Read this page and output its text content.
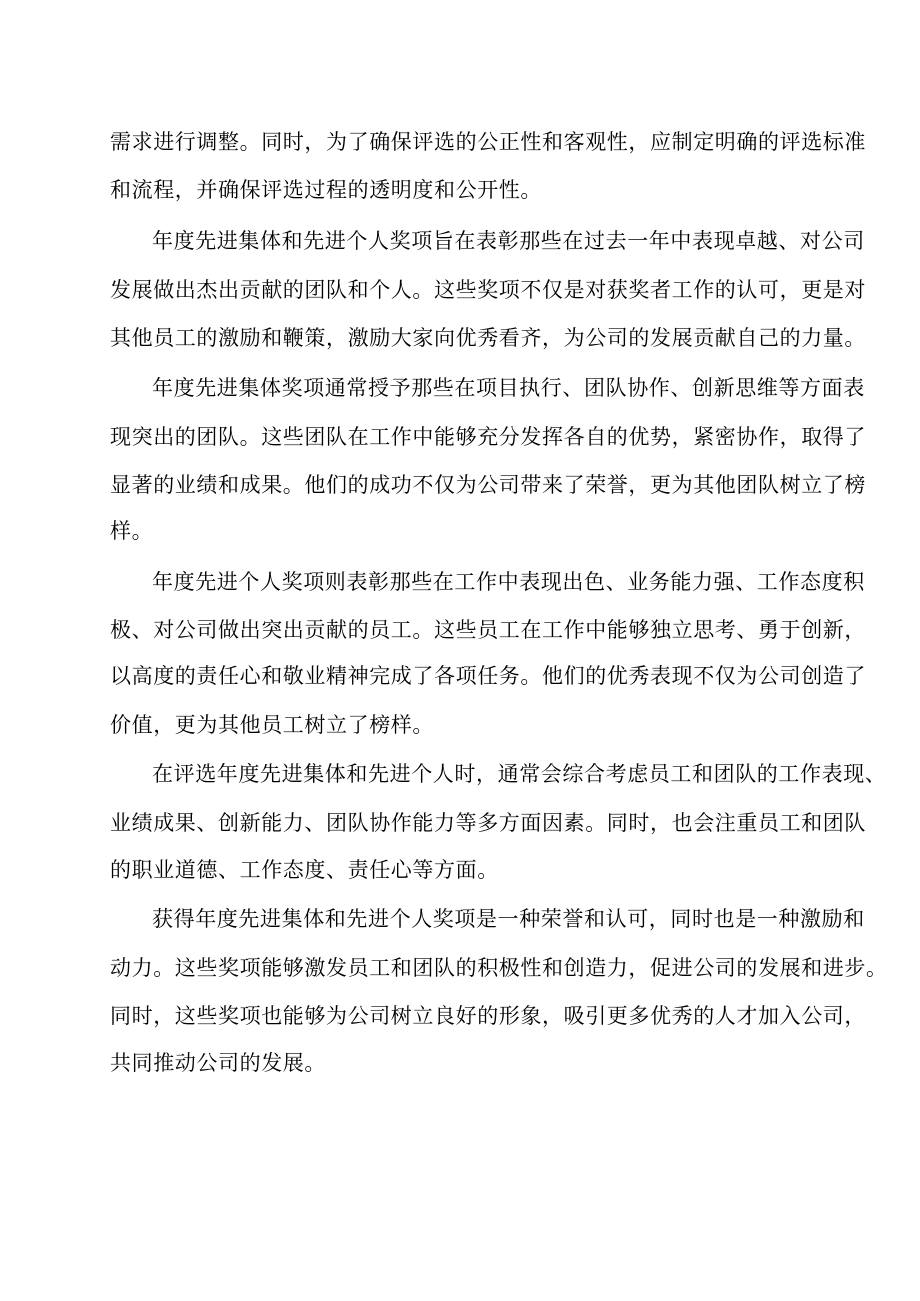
需求进行调整。同时，为了确保评选的公正性和客观性，应制定明确的评选标准
和流程，并确保评选过程的透明度和公开性。
年度先进集体和先进个人奖项旨在表彰那些在过去一年中表现卓越、对公司
发展做出杰出贡献的团队和个人。这些奖项不仅是对获奖者工作的认可，更是对
其他员工的激励和鞭策，激励大家向优秀看齐，为公司的发展贡献自己的力量。
年度先进集体奖项通常授予那些在项目执行、团队协作、创新思维等方面表
现突出的团队。这些团队在工作中能够充分发挥各自的优势，紧密协作，取得了
显著的业绩和成果。他们的成功不仅为公司带来了荣誉，更为其他团队树立了榜
样。
年度先进个人奖项则表彰那些在工作中表现出色、业务能力强、工作态度积
极、对公司做出突出贡献的员工。这些员工在工作中能够独立思考、勇于创新，
以高度的责任心和敬业精神完成了各项任务。他们的优秀表现不仅为公司创造了
价值，更为其他员工树立了榜样。
在评选年度先进集体和先进个人时，通常会综合考虑员工和团队的工作表现、
业绩成果、创新能力、团队协作能力等多方面因素。同时，也会注重员工和团队
的职业道德、工作态度、责任心等方面。
获得年度先进集体和先进个人奖项是一种荣誉和认可，同时也是一种激励和
动力。这些奖项能够激发员工和团队的积极性和创造力，促进公司的发展和进步。
同时，这些奖项也能够为公司树立良好的形象，吸引更多优秀的人才加入公司，
共同推动公司的发展。
